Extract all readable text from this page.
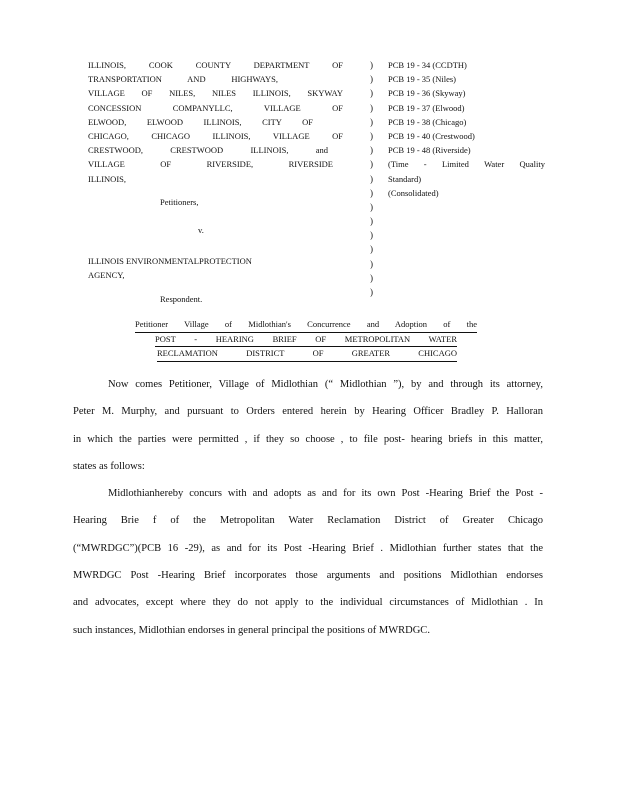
ILLINOIS, COOK COUNTY DEPARTMENT OF
TRANSPORTATION AND HIGHWAYS,
VILLAGE OF NILES, NILES ILLINOIS, SKYWAY
CONCESSION COMPANYLLC, VILLAGE OF
ELWOOD, ELWOOD ILLINOIS, CITY OF
CHICAGO, CHICAGO ILLINOIS, VILLAGE OF
CRESTWOOD, CRESTWOOD ILLINOIS, and
VILLAGE OF RIVERSIDE, RIVERSIDE
ILLINOIS,
Petitioners,
v.
ILLINOIS ENVIRONMENTALPROTECTION
AGENCY,
Respondent.
)
)
)
)
)
)
)
)
)
)
)
)
)
)
)
)
)
PCB 19 - 34 (CCDTH)
PCB 19 - 35 (Niles)
PCB 19 - 36 (Skyway)
PCB 19 - 37 (Elwood)
PCB 19 - 38 (Chicago)
PCB 19 - 40 (Crestwood)
PCB 19 - 48 (Riverside)
(Time - Limited Water Quality
Standard)
(Consolidated)
Petitioner Village of Midlothian's Concurrence and Adoption of the
POST - HEARING BRIEF OF METROPOLITAN WATER
RECLAMATION DISTRICT OF GREATER CHICAGO
Now comes Petitioner, Village of Midlothian (“ Midlothian ”), by and through its attorney,
Peter M. Murphy, and pursuant to Orders entered herein by Hearing Officer Bradley P. Halloran
in which the parties were permitted , if they so choose , to file post- hearing briefs in this matter,
states as follows:
Midlothianhereby concurs with and adopts as and for its own Post -Hearing Brief the Post -
Hearing Brie f of the Metropolitan Water Reclamation District of Greater Chicago
(“MWRDGC”)(PCB 16 -29), as and for its Post -Hearing Brief . Midlothian further states that the
MWRDGC Post -Hearing Brief incorporates those arguments and positions Midlothian endorses
and advocates, except where they do not apply to the individual circumstances of Midlothian . In
such instances, Midlothian endorses in general principal the positions of MWRDGC.
